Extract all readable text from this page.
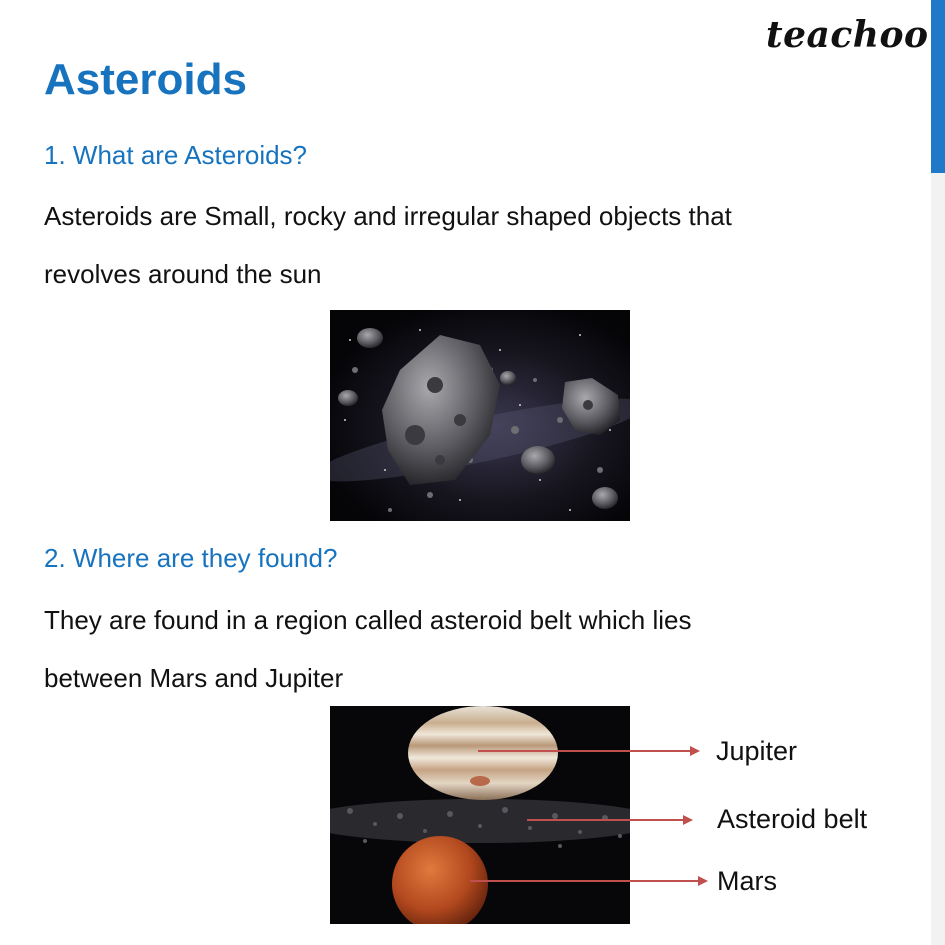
teachoo
Asteroids
1. What are Asteroids?
Asteroids are Small, rocky and irregular shaped objects that
revolves around the sun
2. Where are they found?
They are found in a region called asteroid belt which lies
between Mars and Jupiter
Jupiter
Asteroid belt
Mars
